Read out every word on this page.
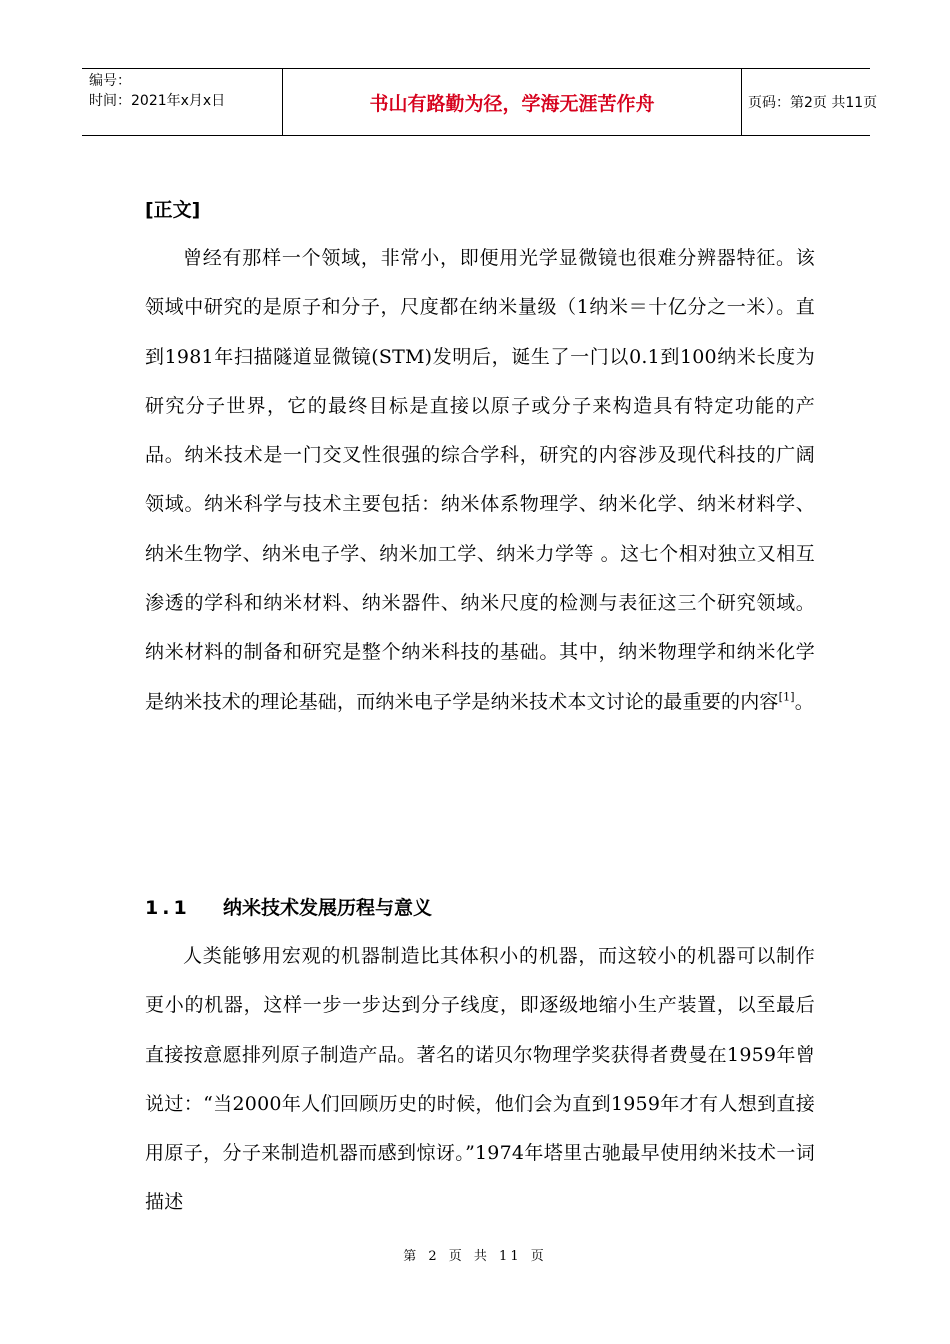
编号：
时间：2021年x月x日	书山有路勤为径，学海无涯苦作舟	页码：第2页 共11页
[正文]

曾经有那样一个领域，非常小，即便用光学显微镜也很难分辨器特征。该领域中研究的是原子和分子，尺度都在纳米量级（1纳米＝十亿分之一米）。直到1981年扫描隧道显微镜(STM)发明后，诞生了一门以0.1到100纳米长度为研究分子世界，它的最终目标是直接以原子或分子来构造具有特定功能的产品。纳米技术是一门交叉性很强的综合学科，研究的内容涉及现代科技的广阔领域。纳米科学与技术主要包括：纳米体系物理学、纳米化学、纳米材料学、纳米生物学、纳米电子学、纳米加工学、纳米力学等 。这七个相对独立又相互渗透的学科和纳米材料、纳米器件、纳米尺度的检测与表征这三个研究领域。纳米材料的制备和研究是整个纳米科技的基础。其中，纳米物理学和纳米化学是纳米技术的理论基础，而纳米电子学是纳米技术本文讨论的最重要的内容[1]。

1.1 纳米技术发展历程与意义

人类能够用宏观的机器制造比其体积小的机器，而这较小的机器可以制作更小的机器，这样一步一步达到分子线度，即逐级地缩小生产装置，以至最后直接按意愿排列原子制造产品。著名的诺贝尔物理学奖获得者费曼在1959年曾说过：“当2000年人们回顾历史的时候，他们会为直到1959年才有人想到直接用原子，分子来制造机器而感到惊讶。”1974年塔里古驰最早使用纳米技术一词描述

第 2 页 共 11 页
